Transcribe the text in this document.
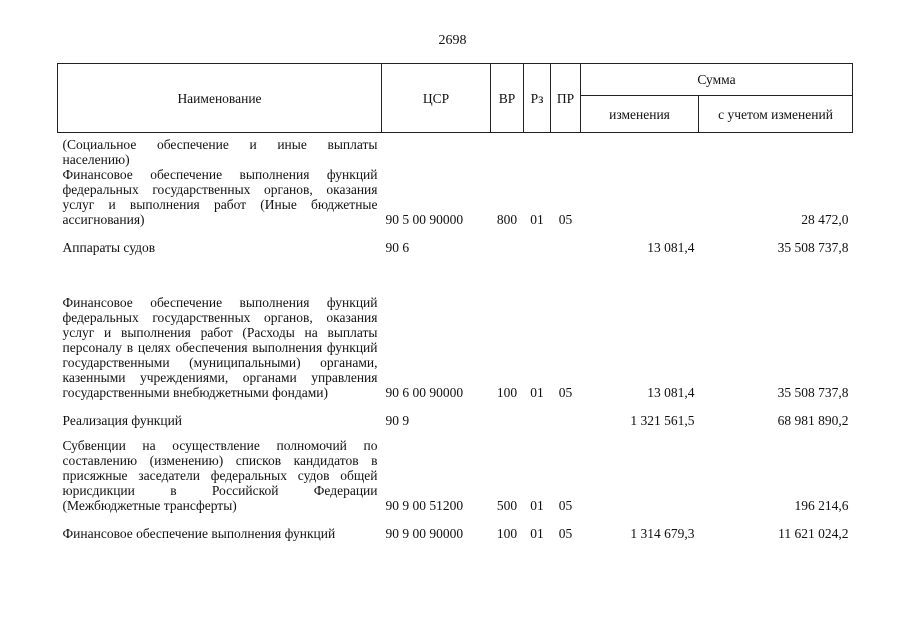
2698
Наименование	ЦСР	ВР	Рз	ПР	Сумма	
					изменения	с учетом изменений
(Социальное обеспечение и иные выплаты населению)						
Финансовое обеспечение выполнения функций федеральных государственных органов, оказания услуг и выполнения работ (Иные бюджетные ассигнования)	90 5 00 90000	800	01	05		28 472,0

Аппараты судов	90 6				13 081,4	35 508 737,8

Финансовое обеспечение выполнения функций федеральных государственных органов, оказания услуг и выполнения работ (Расходы на выплаты персоналу в целях обеспечения выполнения функций государственными (муниципальными) органами, казенными учреждениями, органами управления государственными внебюджетными фондами)	90 6 00 90000	100	01	05	13 081,4	35 508 737,8

Реализация функций	90 9				1 321 561,5	68 981 890,2

Субвенции на осуществление полномочий по составлению (изменению) списков кандидатов в присяжные заседатели федеральных судов общей юрисдикции в Российской Федерации (Межбюджетные трансферты)	90 9 00 51200	500	01	05		196 214,6

Финансовое обеспечение выполнения функций	90 9 00 90000	100	01	05	1 314 679,3	11 621 024,2
